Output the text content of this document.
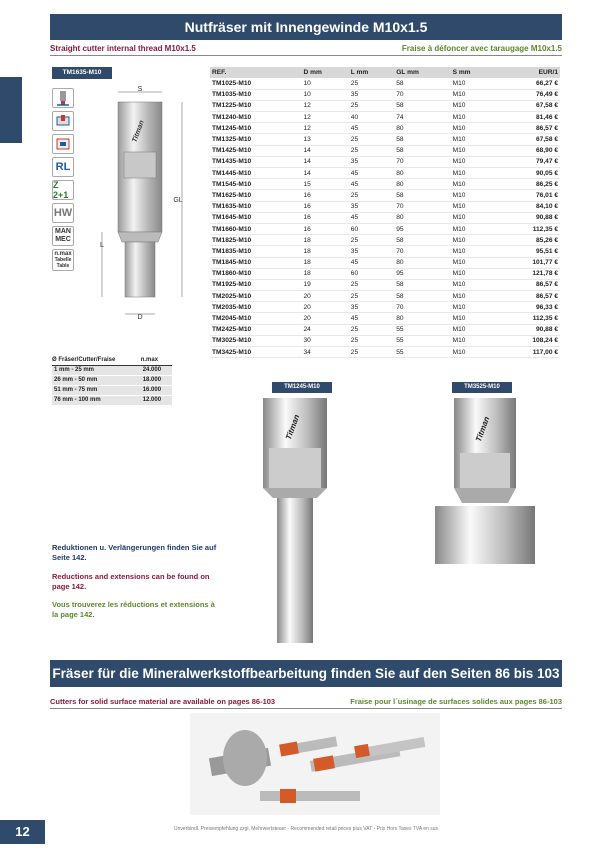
Nutfräser mit Innengewinde M10x1.5
Straight cutter internal thread M10x1.5	Fraise à défoncer avec taraugage M10x1.5
TM1635-M10
RL
Z 2+1
HW
MAN
MEC
n.max
Tabelle
Table
Titman
S
GL
L
D
REF.	D mm	L mm	GL mm	S mm	EUR/1
TM1025-M10	10	25	58	M10	66,27 €
TM1035-M10	10	35	70	M10	76,49 €
TM1225-M10	12	25	58	M10	67,58 €
TM1240-M10	12	40	74	M10	81,46 €
TM1245-M10	12	45	80	M10	86,57 €
TM1325-M10	13	25	58	M10	67,58 €
TM1425-M10	14	25	58	M10	68,90 €
TM1435-M10	14	35	70	M10	79,47 €
TM1445-M10	14	45	80	M10	90,05 €
TM1545-M10	15	45	80	M10	86,25 €
TM1625-M10	16	25	58	M10	76,01 €
TM1635-M10	16	35	70	M10	84,10 €
TM1645-M10	16	45	80	M10	90,88 €
TM1660-M10	16	60	95	M10	112,35 €
TM1825-M10	18	25	58	M10	85,26 €
TM1835-M10	18	35	70	M10	95,51 €
TM1845-M10	18	45	80	M10	101,77 €
TM1860-M10	18	60	95	M10	121,78 €
TM1925-M10	19	25	58	M10	86,57 €
TM2025-M10	20	25	58	M10	86,57 €
TM2035-M10	20	35	70	M10	96,33 €
TM2045-M10	20	45	80	M10	112,35 €
TM2425-M10	24	25	55	M10	90,88 €
TM3025-M10	30	25	55	M10	108,24 €
TM3425-M10	34	25	55	M10	117,00 €
Ø Fräser/Cutter/Fraise	n.max
1 mm - 25 mm	24.000
26 mm - 50 mm	18.000
51 mm - 75 mm	16.000
76 mm - 100 mm	12.000
TM1245-M10	TM3525-M10
Titman	Titman
Reduktionen u. Verlängerungen finden Sie auf Seite 142.
Reductions and extensions can be found on page 142.
Vous trouverez les réductions et extensions à la page 142.
Fräser für die Mineralwerkstoffbearbeitung finden Sie auf den Seiten 86 bis 103
Cutters for solid surface material are available on pages 86-103	Fraise pour l´usinage de surfaces solides aux pages 86-103
12	Unverbindl. Preisempfehlung zzgl. Mehrwertsteuer - Recommended retail prices plus VAT - Prix Hors Taxes TVA en sus
